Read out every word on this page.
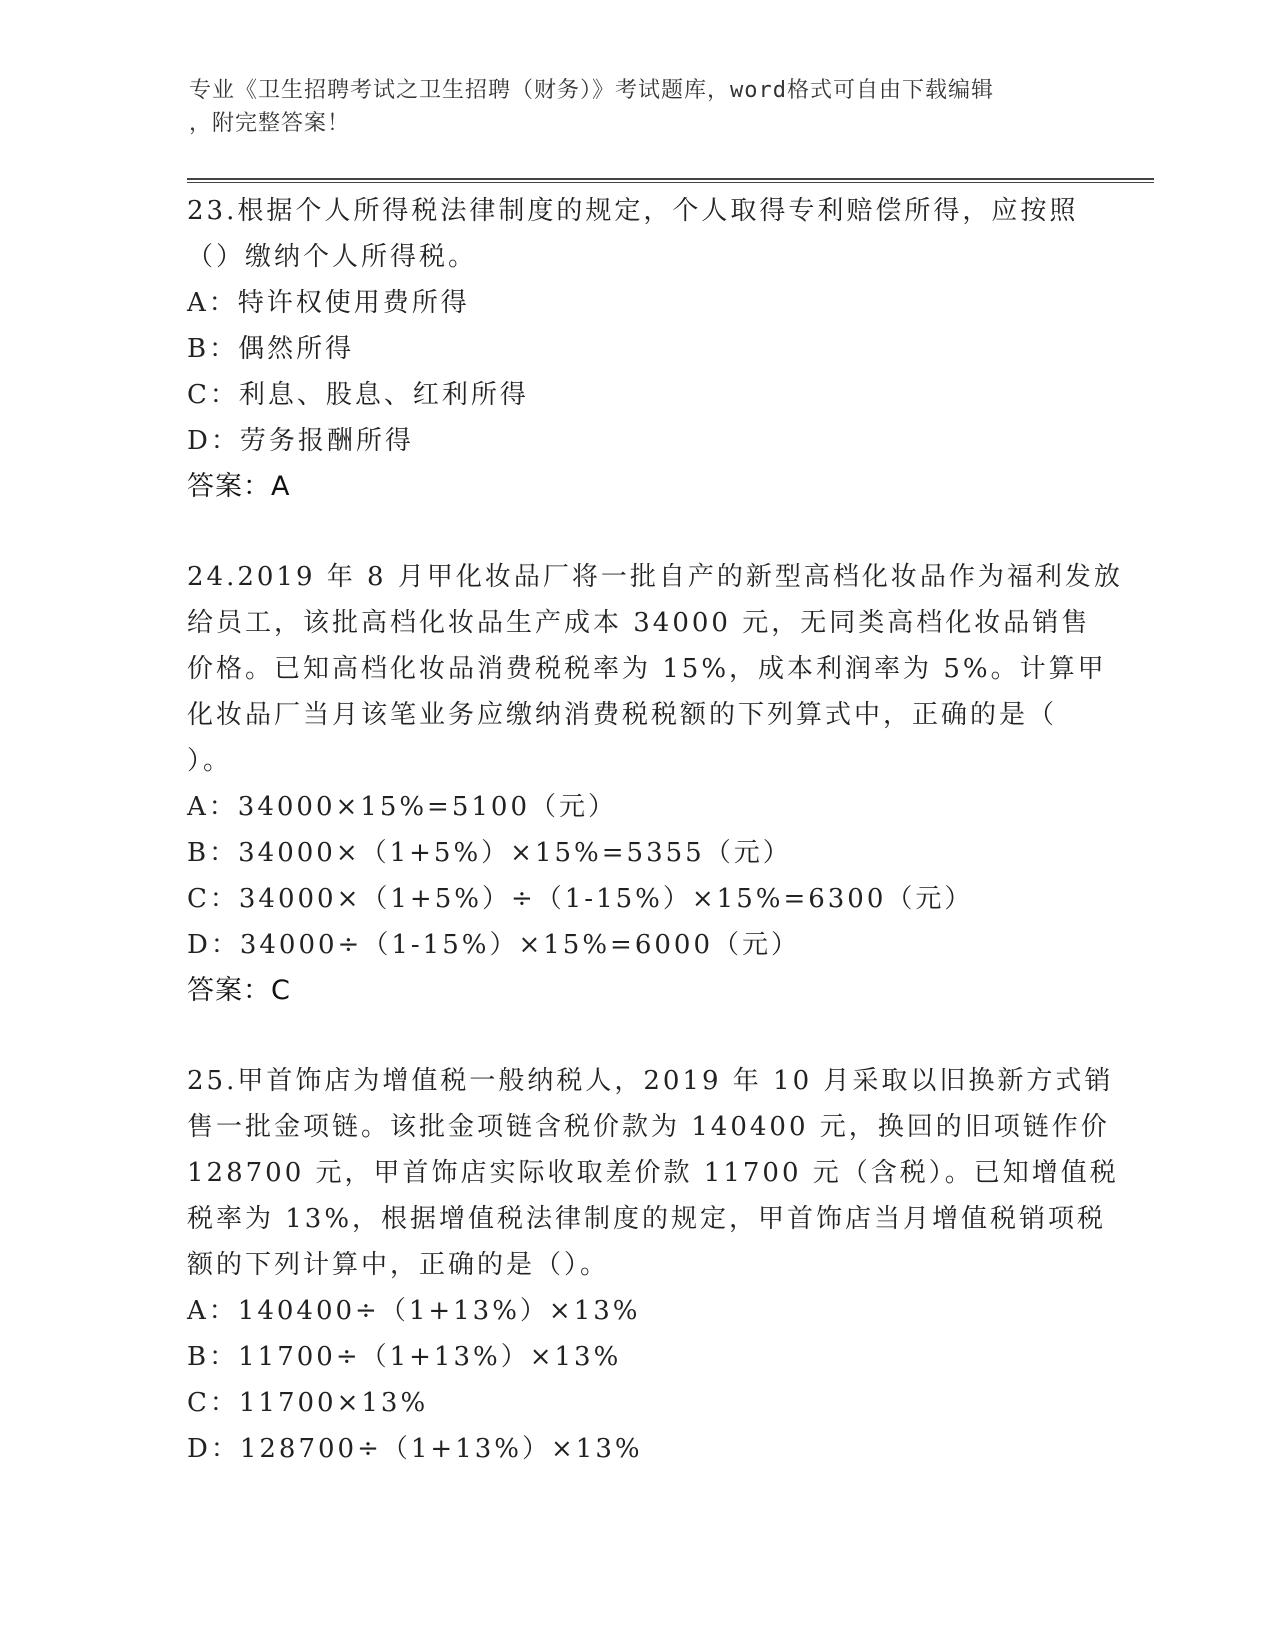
专业《卫生招聘考试之卫生招聘（财务）》考试题库，word格式可自由下载编辑
，附完整答案！
23.根据个人所得税法律制度的规定，个人取得专利赔偿所得，应按照
（）缴纳个人所得税。
A：特许权使用费所得
B：偶然所得
C：利息、股息、红利所得
D：劳务报酬所得
答案：A
24.2019 年 8 月甲化妆品厂将一批自产的新型高档化妆品作为福利发放
给员工，该批高档化妆品生产成本 34000 元，无同类高档化妆品销售
价格。已知高档化妆品消费税税率为 15%，成本利润率为 5%。计算甲
化妆品厂当月该笔业务应缴纳消费税税额的下列算式中，正确的是（
）。
A：34000×15%=5100（元）
B：34000×（1+5%）×15%=5355（元）
C：34000×（1+5%）÷（1-15%）×15%=6300（元）
D：34000÷（1-15%）×15%=6000（元）
答案：C
25.甲首饰店为增值税一般纳税人，2019 年 10 月采取以旧换新方式销
售一批金项链。该批金项链含税价款为 140400 元，换回的旧项链作价
128700 元，甲首饰店实际收取差价款 11700 元（含税）。已知增值税
税率为 13%，根据增值税法律制度的规定，甲首饰店当月增值税销项税
额的下列计算中，正确的是（）。
A：140400÷（1+13%）×13%
B：11700÷（1+13%）×13%
C：11700×13%
D：128700÷（1+13%）×13%
